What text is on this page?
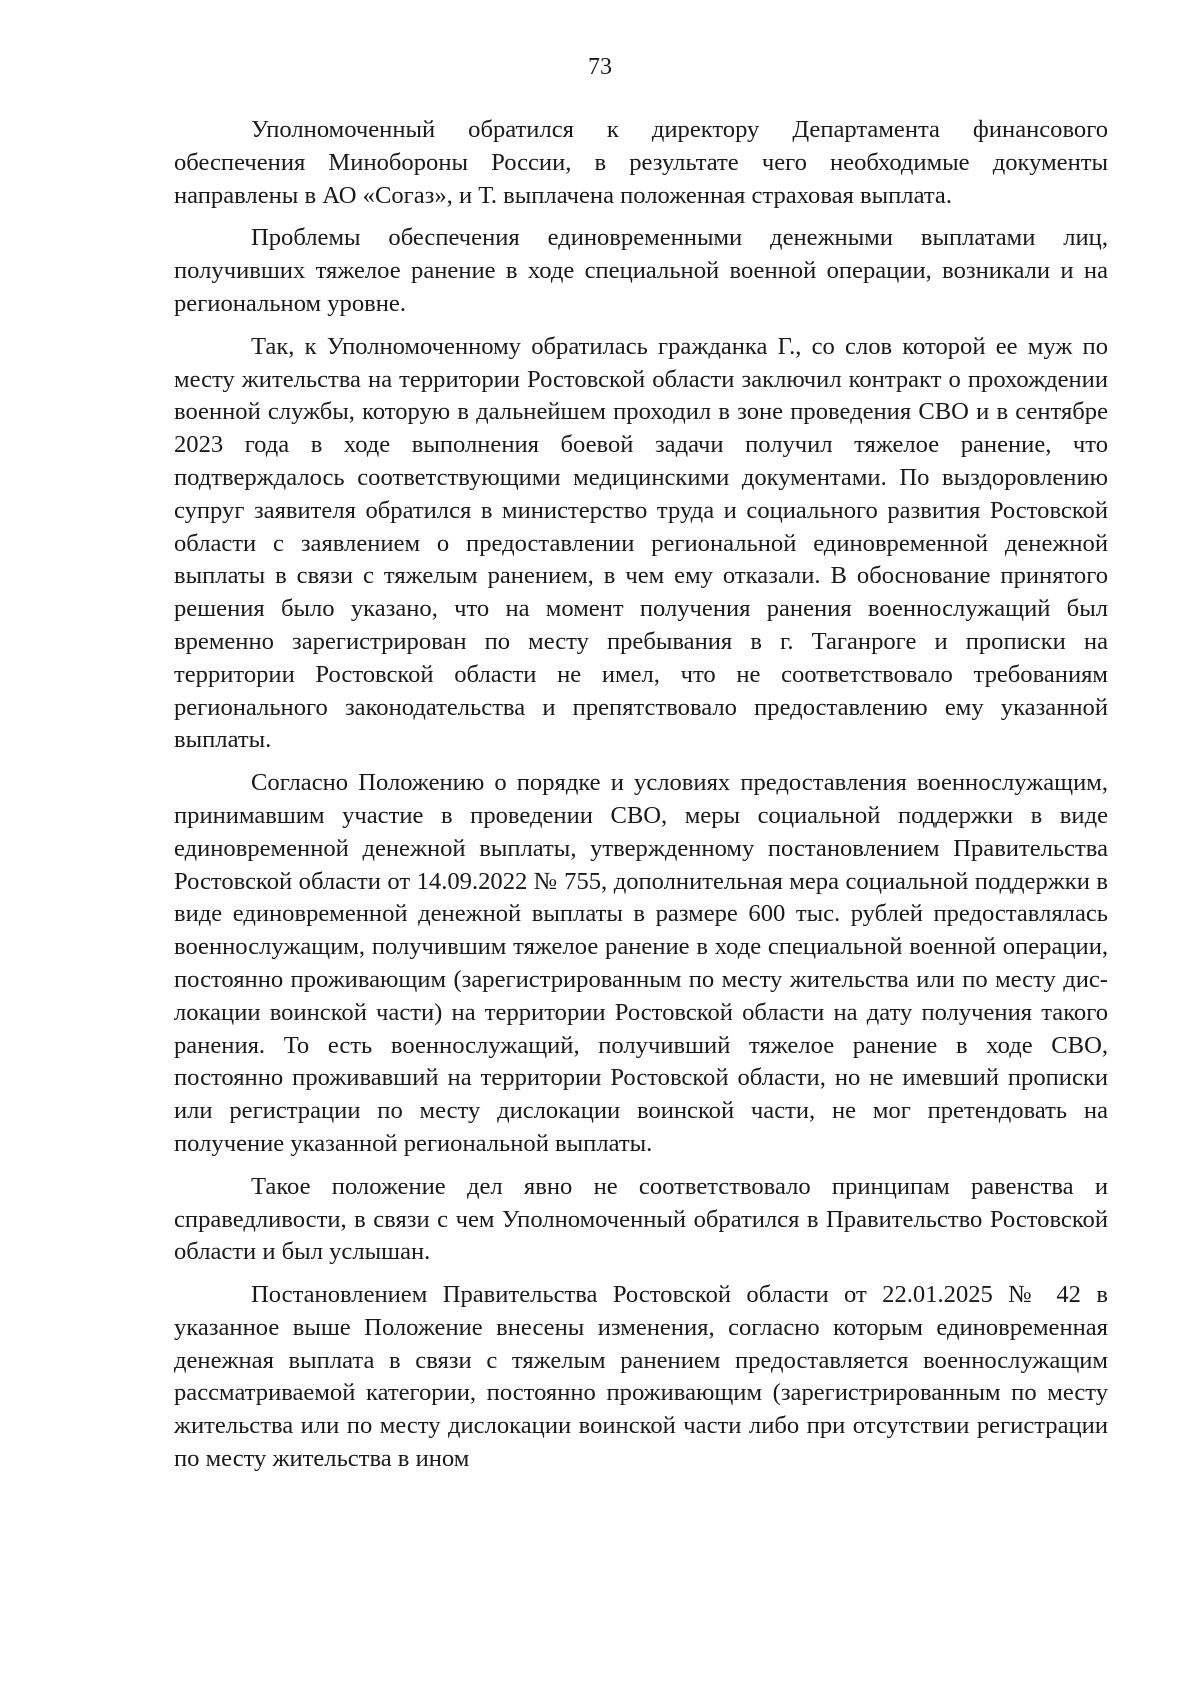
73

Уполномоченный обратился к директору Департамента финансового обеспечения Минобороны России, в результате чего необходимые документы направлены в АО «Согаз», и Т. выплачена положенная страховая выплата.

Проблемы обеспечения единовременными денежными выплатами лиц, получивших тяжелое ранение в ходе специальной военной операции, возникали и на региональном уровне.

Так, к Уполномоченному обратилась гражданка Г., со слов которой ее муж по месту жительства на территории Ростовской области заключил контракт о прохождении военной службы, которую в дальнейшем проходил в зоне проведения СВО и в сентябре 2023 года в ходе выполнения боевой задачи получил тяжелое ранение, что подтверждалось соответствующими медицинскими документами. По выздоровлению супруг заявителя обратился в министерство труда и социального развития Ростовской области с заявлением о предоставлении региональной единовременной денежной выплаты в связи с тяжелым ранением, в чем ему отказали. В обоснование принятого решения было указано, что на момент получения ранения военнослужащий был временно зарегистрирован по месту пребывания в г. Таганроге и прописки на территории Ростовской области не имел, что не соответствовало требованиям регионального законодательства и препятствовало предоставлению ему указанной выплаты.

Согласно Положению о порядке и условиях предоставления военнослужащим, принимавшим участие в проведении СВО, меры социальной поддержки в виде единовременной денежной выплаты, утвержденному постановлением Правительства Ростовской области от 14.09.2022 № 755, дополнительная мера социальной поддержки в виде единовременной денежной выплаты в размере 600 тыс. рублей предоставлялась военнослужащим, получившим тяжелое ранение в ходе специальной военной операции, постоянно проживающим (зарегистрированным по месту жительства или по месту дислокации воинской части) на территории Ростовской области на дату получения такого ранения. То есть военнослужащий, получивший тяжелое ранение в ходе СВО, постоянно проживавший на территории Ростовской области, но не имевший прописки или регистрации по месту дислокации воинской части, не мог претендовать на получение указанной региональной выплаты.

Такое положение дел явно не соответствовало принципам равенства и справедливости, в связи с чем Уполномоченный обратился в Правительство Ростовской области и был услышан.

Постановлением Правительства Ростовской области от 22.01.2025 № 42 в указанное выше Положение внесены изменения, согласно которым единовременная денежная выплата в связи с тяжелым ранением предоставляется военнослужащим рассматриваемой категории, постоянно проживающим (зарегистрированным по месту жительства или по месту дислокации воинской части либо при отсутствии регистрации по месту жительства в ином
